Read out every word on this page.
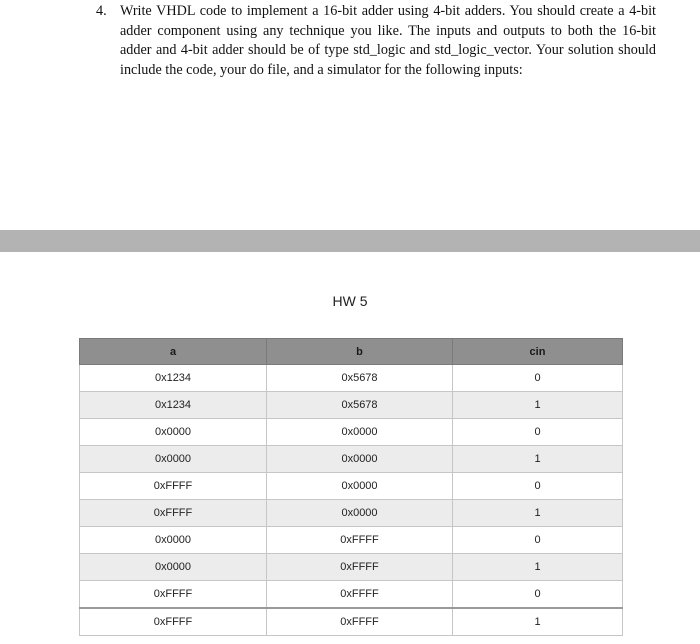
4. Write VHDL code to implement a 16-bit adder using 4-bit adders. You should create a 4-bit adder component using any technique you like. The inputs and outputs to both the 16-bit adder and 4-bit adder should be of type std_logic and std_logic_vector. Your solution should include the code, your do file, and a simulator for the following inputs:
HW 5
a	b	cin
0x1234	0x5678	0
0x1234	0x5678	1
0x0000	0x0000	0
0x0000	0x0000	1
0xFFFF	0x0000	0
0xFFFF	0x0000	1
0x0000	0xFFFF	0
0x0000	0xFFFF	1
0xFFFF	0xFFFF	0
0xFFFF	0xFFFF	1
